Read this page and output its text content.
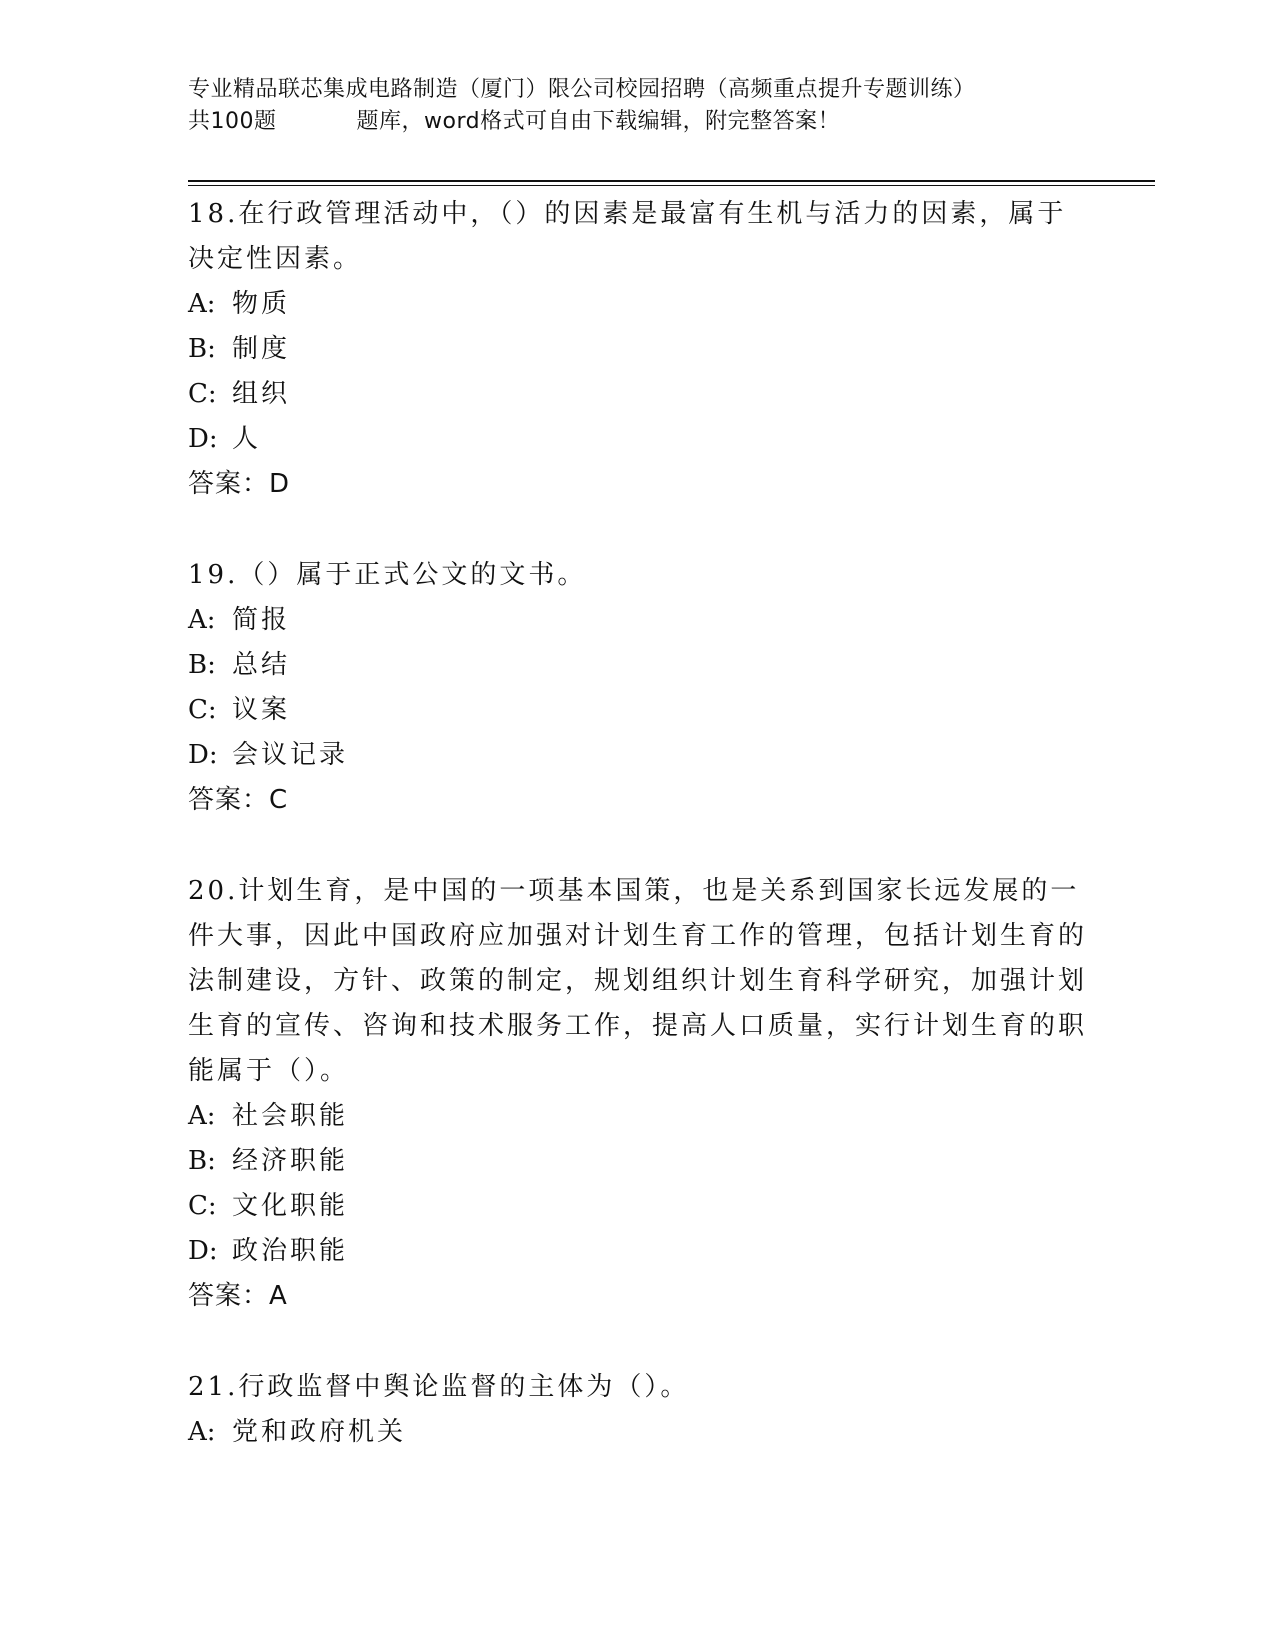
专业精品联芯集成电路制造（厦门）限公司校园招聘（高频重点提升专题训练）
共100题	题库，word格式可自由下载编辑，附完整答案！

18.在行政管理活动中，（）的因素是最富有生机与活力的因素，属于决定性因素。

A: 物质

B: 制度

C: 组织

D: 人

答案：D

19.（）属于正式公文的文书。

A: 简报

B: 总结

C: 议案

D: 会议记录

答案：C

20.计划生育，是中国的一项基本国策，也是关系到国家长远发展的一件大事，因此中国政府应加强对计划生育工作的管理，包括计划生育的法制建设，方针、政策的制定，规划组织计划生育科学研究，加强计划生育的宣传、咨询和技术服务工作，提高人口质量，实行计划生育的职能属于（）。

A: 社会职能

B: 经济职能

C: 文化职能

D: 政治职能

答案：A

21.行政监督中舆论监督的主体为（）。

A: 党和政府机关
